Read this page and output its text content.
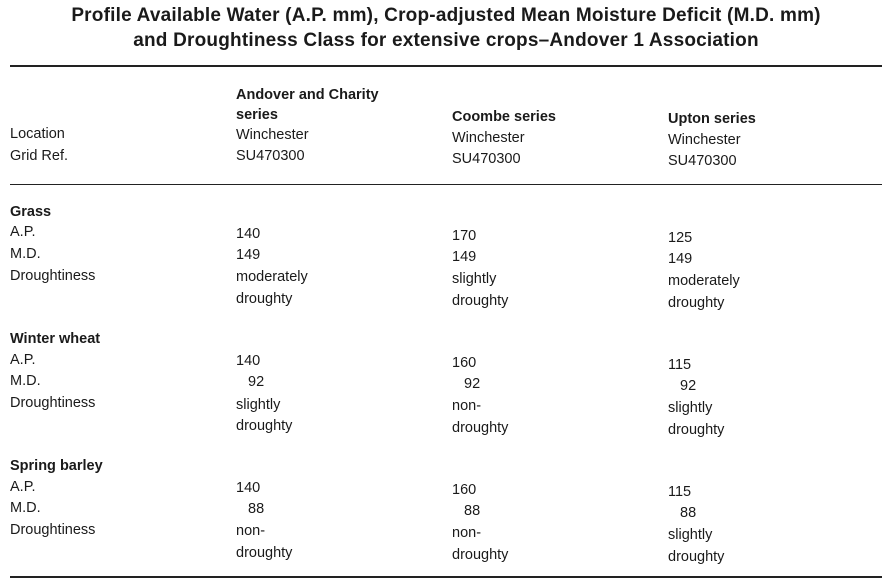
Profile Available Water (A.P. mm), Crop-adjusted Mean Moisture Deficit (M.D. mm)
and Droughtiness Class for extensive crops–Andover 1 Association
Location
Grid Ref.
Andover and Charity
series
Winchester
SU470300
Coombe series
Winchester
SU470300
Upton series
Winchester
SU470300
Grass
A.P.
M.D.
Droughtiness
140
149
moderately
droughty
170
149
slightly
droughty
125
149
moderately
droughty
Winter wheat
A.P.
M.D.
Droughtiness
140
92
slightly
droughty
160
92
non-
droughty
115
92
slightly
droughty
Spring barley
A.P.
M.D.
Droughtiness
140
88
non-
droughty
160
88
non-
droughty
115
88
slightly
droughty
